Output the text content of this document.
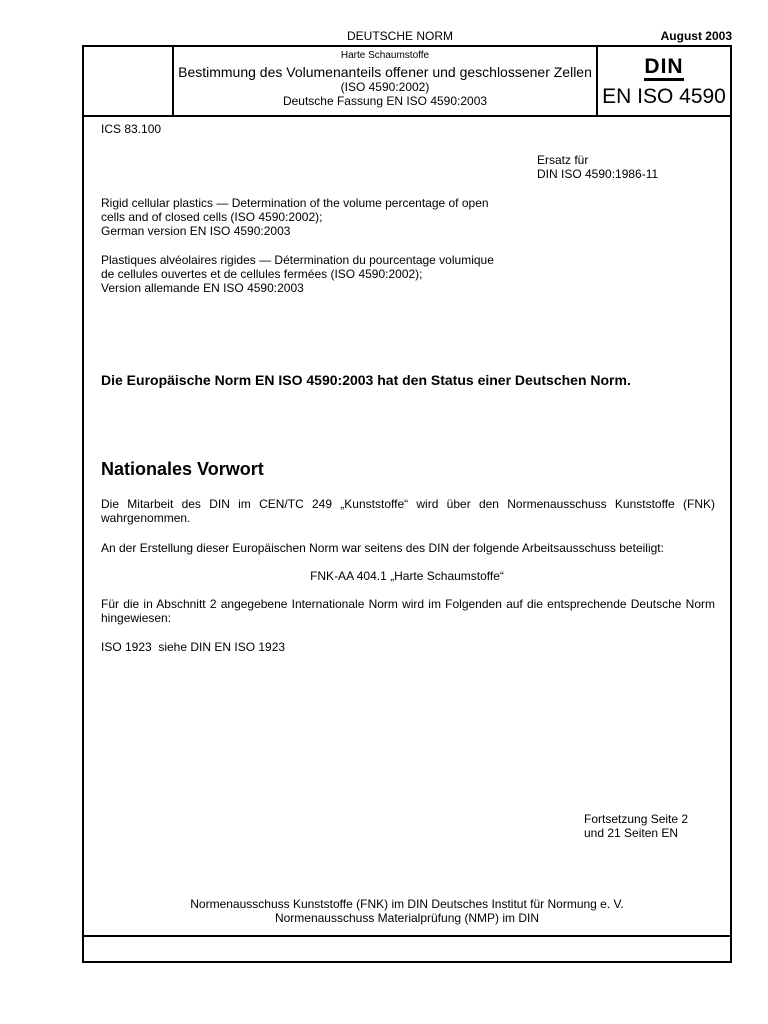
DEUTSCHE NORM	August 2003
Harte Schaumstoffe
Bestimmung des Volumenanteils offener und geschlossener Zellen
(ISO 4590:2002)
Deutsche Fassung EN ISO 4590:2003
DIN
EN ISO 4590
ICS 83.100
Ersatz für
DIN ISO 4590:1986-11
Rigid cellular plastics — Determination of the volume percentage of open
cells and of closed cells (ISO 4590:2002);
German version EN ISO 4590:2003
Plastiques alvéolaires rigides — Détermination du pourcentage volumique
de cellules ouvertes et de cellules fermées (ISO 4590:2002);
Version allemande EN ISO 4590:2003
Die Europäische Norm EN ISO 4590:2003 hat den Status einer Deutschen Norm.
Nationales Vorwort
Die Mitarbeit des DIN im CEN/TC 249 „Kunststoffe“ wird über den Normenausschuss Kunststoffe (FNK) wahrgenommen.
An der Erstellung dieser Europäischen Norm war seitens des DIN der folgende Arbeitsausschuss beteiligt:
FNK-AA 404.1 „Harte Schaumstoffe“
Für die in Abschnitt 2 angegebene Internationale Norm wird im Folgenden auf die entsprechende Deutsche Norm hingewiesen:
ISO 1923 siehe DIN EN ISO 1923
Fortsetzung Seite 2
und 21 Seiten EN
Normenausschuss Kunststoffe (FNK) im DIN Deutsches Institut für Normung e. V.
Normenausschuss Materialprüfung (NMP) im DIN
